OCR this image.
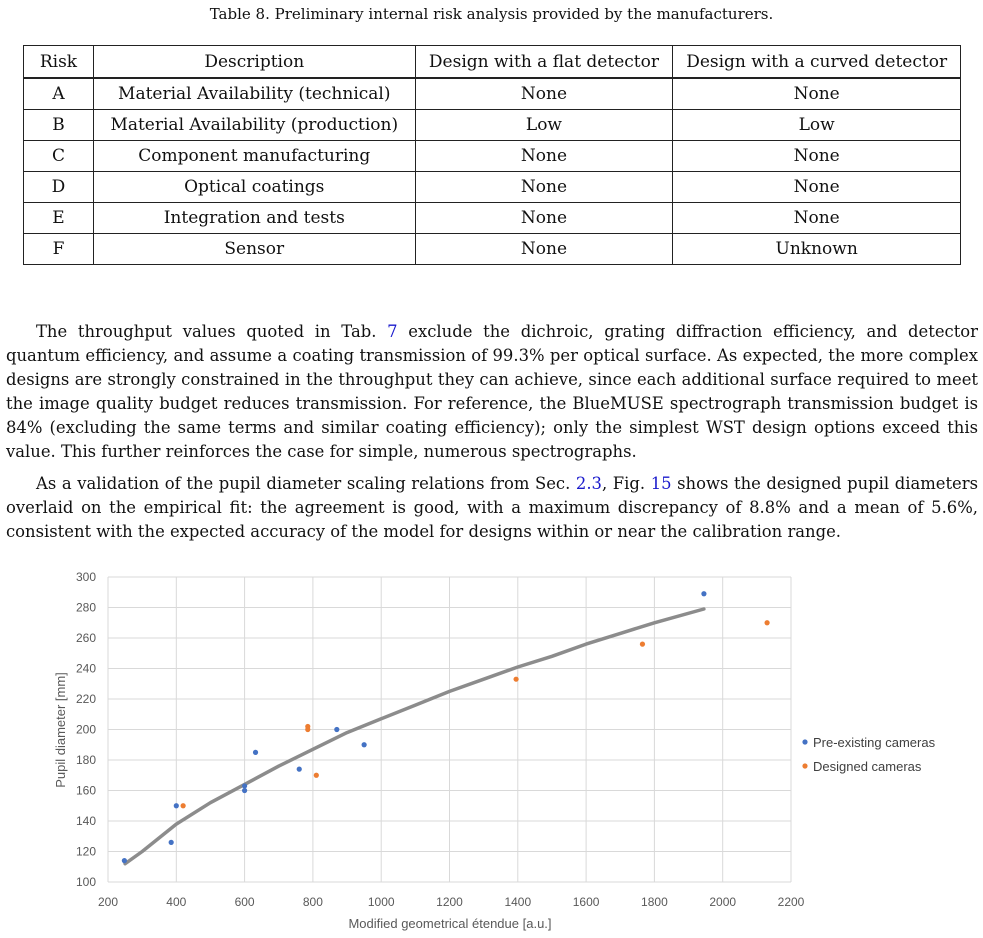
Table 8. Preliminary internal risk analysis provided by the manufacturers.
Risk	Description	Design with a flat detector	Design with a curved detector
A	Material Availability (technical)	None	None
B	Material Availability (production)	Low	Low
C	Component manufacturing	None	None
D	Optical coatings	None	None
E	Integration and tests	None	None
F	Sensor	None	Unknown

The throughput values quoted in Tab. 7 exclude the dichroic, grating diffraction efficiency, and detector quantum efficiency, and assume a coating transmission of 99.3% per optical surface. As expected, the more complex designs are strongly constrained in the throughput they can achieve, since each additional surface required to meet the image quality budget reduces transmission. For reference, the BlueMUSE spectrograph transmission budget is 84% (excluding the same terms and similar coating efficiency); only the simplest WST design options exceed this value. This further reinforces the case for simple, numerous spectrographs.

As a validation of the pupil diameter scaling relations from Sec. 2.3, Fig. 15 shows the designed pupil diameters overlaid on the empirical fit: the agreement is good, with a maximum discrepancy of 8.8% and a mean of 5.6%, consistent with the expected accuracy of the model for designs within or near the calibration range.

100
120
140
160
180
200
220
240
260
280
300
200	400	600	800	1000	1200	1400	1600	1800	2000	2200
Modified geometrical étendue [a.u.]
Pupil diameter [mm]	Pre-existing cameras
Designed cameras
